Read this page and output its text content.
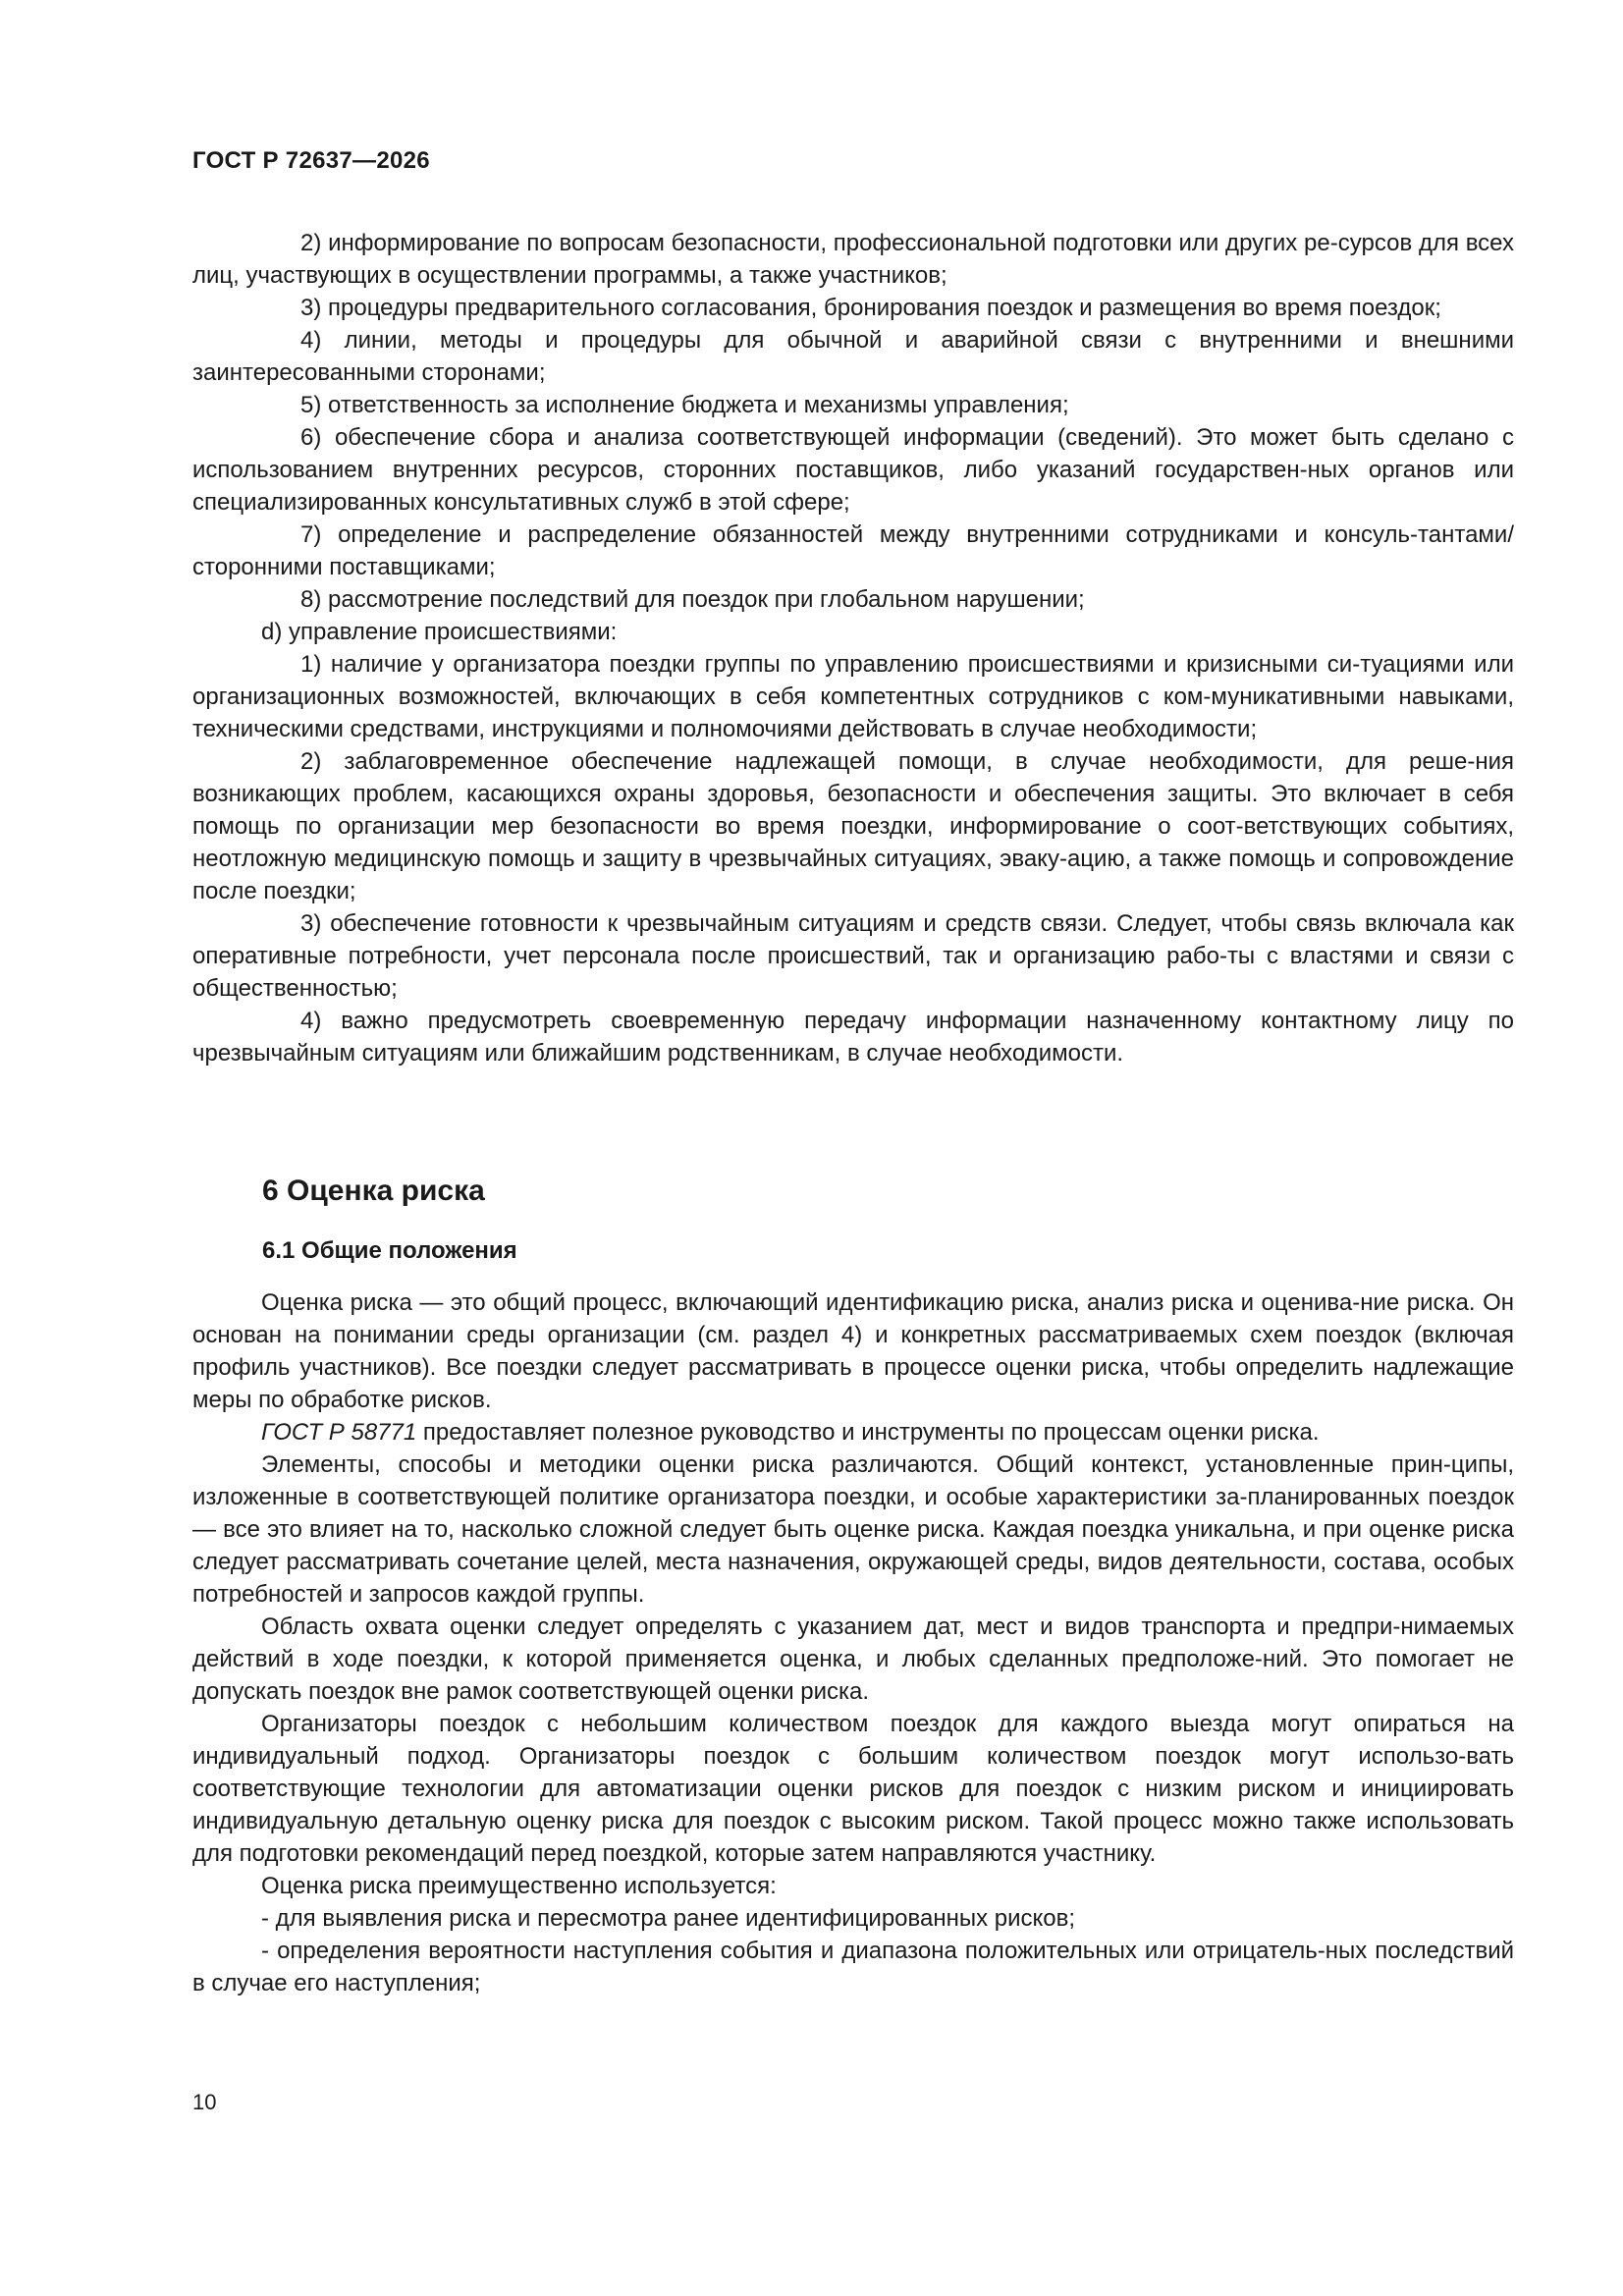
ГОСТ Р 72637—2026

2) информирование по вопросам безопасности, профессиональной подготовки или других ре-сурсов для всех лиц, участвующих в осуществлении программы, а также участников;

3) процедуры предварительного согласования, бронирования поездок и размещения во время поездок;

4) линии, методы и процедуры для обычной и аварийной связи с внутренними и внешними заинтересованными сторонами;

5) ответственность за исполнение бюджета и механизмы управления;

6) обеспечение сбора и анализа соответствующей информации (сведений). Это может быть сделано с использованием внутренних ресурсов, сторонних поставщиков, либо указаний государствен-ных органов или специализированных консультативных служб в этой сфере;

7) определение и распределение обязанностей между внутренними сотрудниками и консуль-тантами/сторонними поставщиками;

8) рассмотрение последствий для поездок при глобальном нарушении;

d) управление происшествиями:

1) наличие у организатора поездки группы по управлению происшествиями и кризисными си-туациями или организационных возможностей, включающих в себя компетентных сотрудников с ком-муникативными навыками, техническими средствами, инструкциями и полномочиями действовать в случае необходимости;

2) заблаговременное обеспечение надлежащей помощи, в случае необходимости, для реше-ния возникающих проблем, касающихся охраны здоровья, безопасности и обеспечения защиты. Это включает в себя помощь по организации мер безопасности во время поездки, информирование о соот-ветствующих событиях, неотложную медицинскую помощь и защиту в чрезвычайных ситуациях, эваку-ацию, а также помощь и сопровождение после поездки;

3) обеспечение готовности к чрезвычайным ситуациям и средств связи. Следует, чтобы связь включала как оперативные потребности, учет персонала после происшествий, так и организацию рабо-ты с властями и связи с общественностью;

4) важно предусмотреть своевременную передачу информации назначенному контактному лицу по чрезвычайным ситуациям или ближайшим родственникам, в случае необходимости.

6 Оценка риска
6.1 Общие положения

Оценка риска — это общий процесс, включающий идентификацию риска, анализ риска и оценива-ние риска. Он основан на понимании среды организации (см. раздел 4) и конкретных рассматриваемых схем поездок (включая профиль участников). Все поездки следует рассматривать в процессе оценки риска, чтобы определить надлежащие меры по обработке рисков.

ГОСТ Р 58771 предоставляет полезное руководство и инструменты по процессам оценки риска.

Элементы, способы и методики оценки риска различаются. Общий контекст, установленные прин-ципы, изложенные в соответствующей политике организатора поездки, и особые характеристики за-планированных поездок — все это влияет на то, насколько сложной следует быть оценке риска. Каждая поездка уникальна, и при оценке риска следует рассматривать сочетание целей, места назначения, окружающей среды, видов деятельности, состава, особых потребностей и запросов каждой группы.

Область охвата оценки следует определять с указанием дат, мест и видов транспорта и предпри-нимаемых действий в ходе поездки, к которой применяется оценка, и любых сделанных предположе-ний. Это помогает не допускать поездок вне рамок соответствующей оценки риска.

Организаторы поездок с небольшим количеством поездок для каждого выезда могут опираться на индивидуальный подход. Организаторы поездок с большим количеством поездок могут использо-вать соответствующие технологии для автоматизации оценки рисков для поездок с низким риском и инициировать индивидуальную детальную оценку риска для поездок с высоким риском. Такой процесс можно также использовать для подготовки рекомендаций перед поездкой, которые затем направляются участнику.

Оценка риска преимущественно используется:

- для выявления риска и пересмотра ранее идентифицированных рисков;

- определения вероятности наступления события и диапазона положительных или отрицатель-ных последствий в случае его наступления;

10
